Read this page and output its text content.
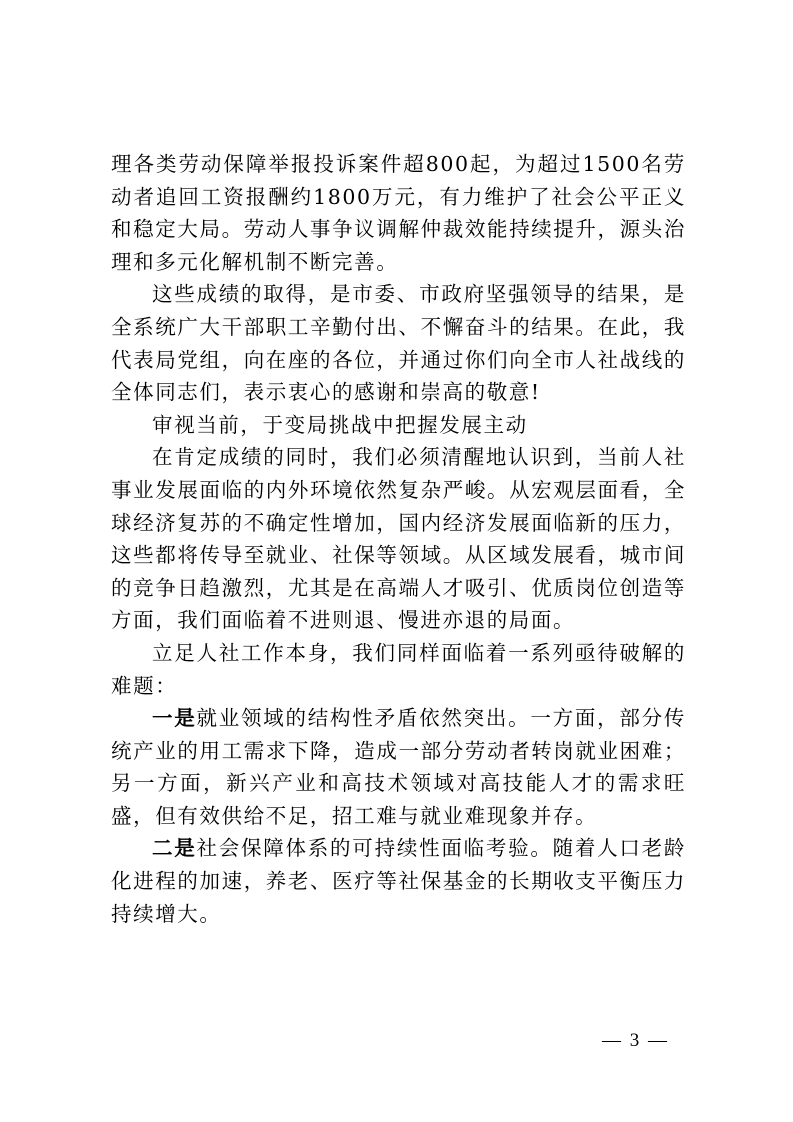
理各类劳动保障举报投诉案件超800起，为超过1500名劳动者追回工资报酬约1800万元，有力维护了社会公平正义和稳定大局。劳动人事争议调解仲裁效能持续提升，源头治理和多元化解机制不断完善。

这些成绩的取得，是市委、市政府坚强领导的结果，是全系统广大干部职工辛勤付出、不懈奋斗的结果。在此，我代表局党组，向在座的各位，并通过你们向全市人社战线的全体同志们，表示衷心的感谢和崇高的敬意!

审视当前，于变局挑战中把握发展主动

在肯定成绩的同时，我们必须清醒地认识到，当前人社事业发展面临的内外环境依然复杂严峻。从宏观层面看，全球经济复苏的不确定性增加，国内经济发展面临新的压力，这些都将传导至就业、社保等领域。从区域发展看，城市间的竞争日趋激烈，尤其是在高端人才吸引、优质岗位创造等方面，我们面临着不进则退、慢进亦退的局面。

立足人社工作本身，我们同样面临着一系列亟待破解的难题：

一是就业领域的结构性矛盾依然突出。一方面，部分传统产业的用工需求下降，造成一部分劳动者转岗就业困难；另一方面，新兴产业和高技术领域对高技能人才的需求旺盛，但有效供给不足，招工难与就业难现象并存。

二是社会保障体系的可持续性面临考验。随着人口老龄化进程的加速，养老、医疗等社保基金的长期收支平衡压力持续增大。

— 3 —
